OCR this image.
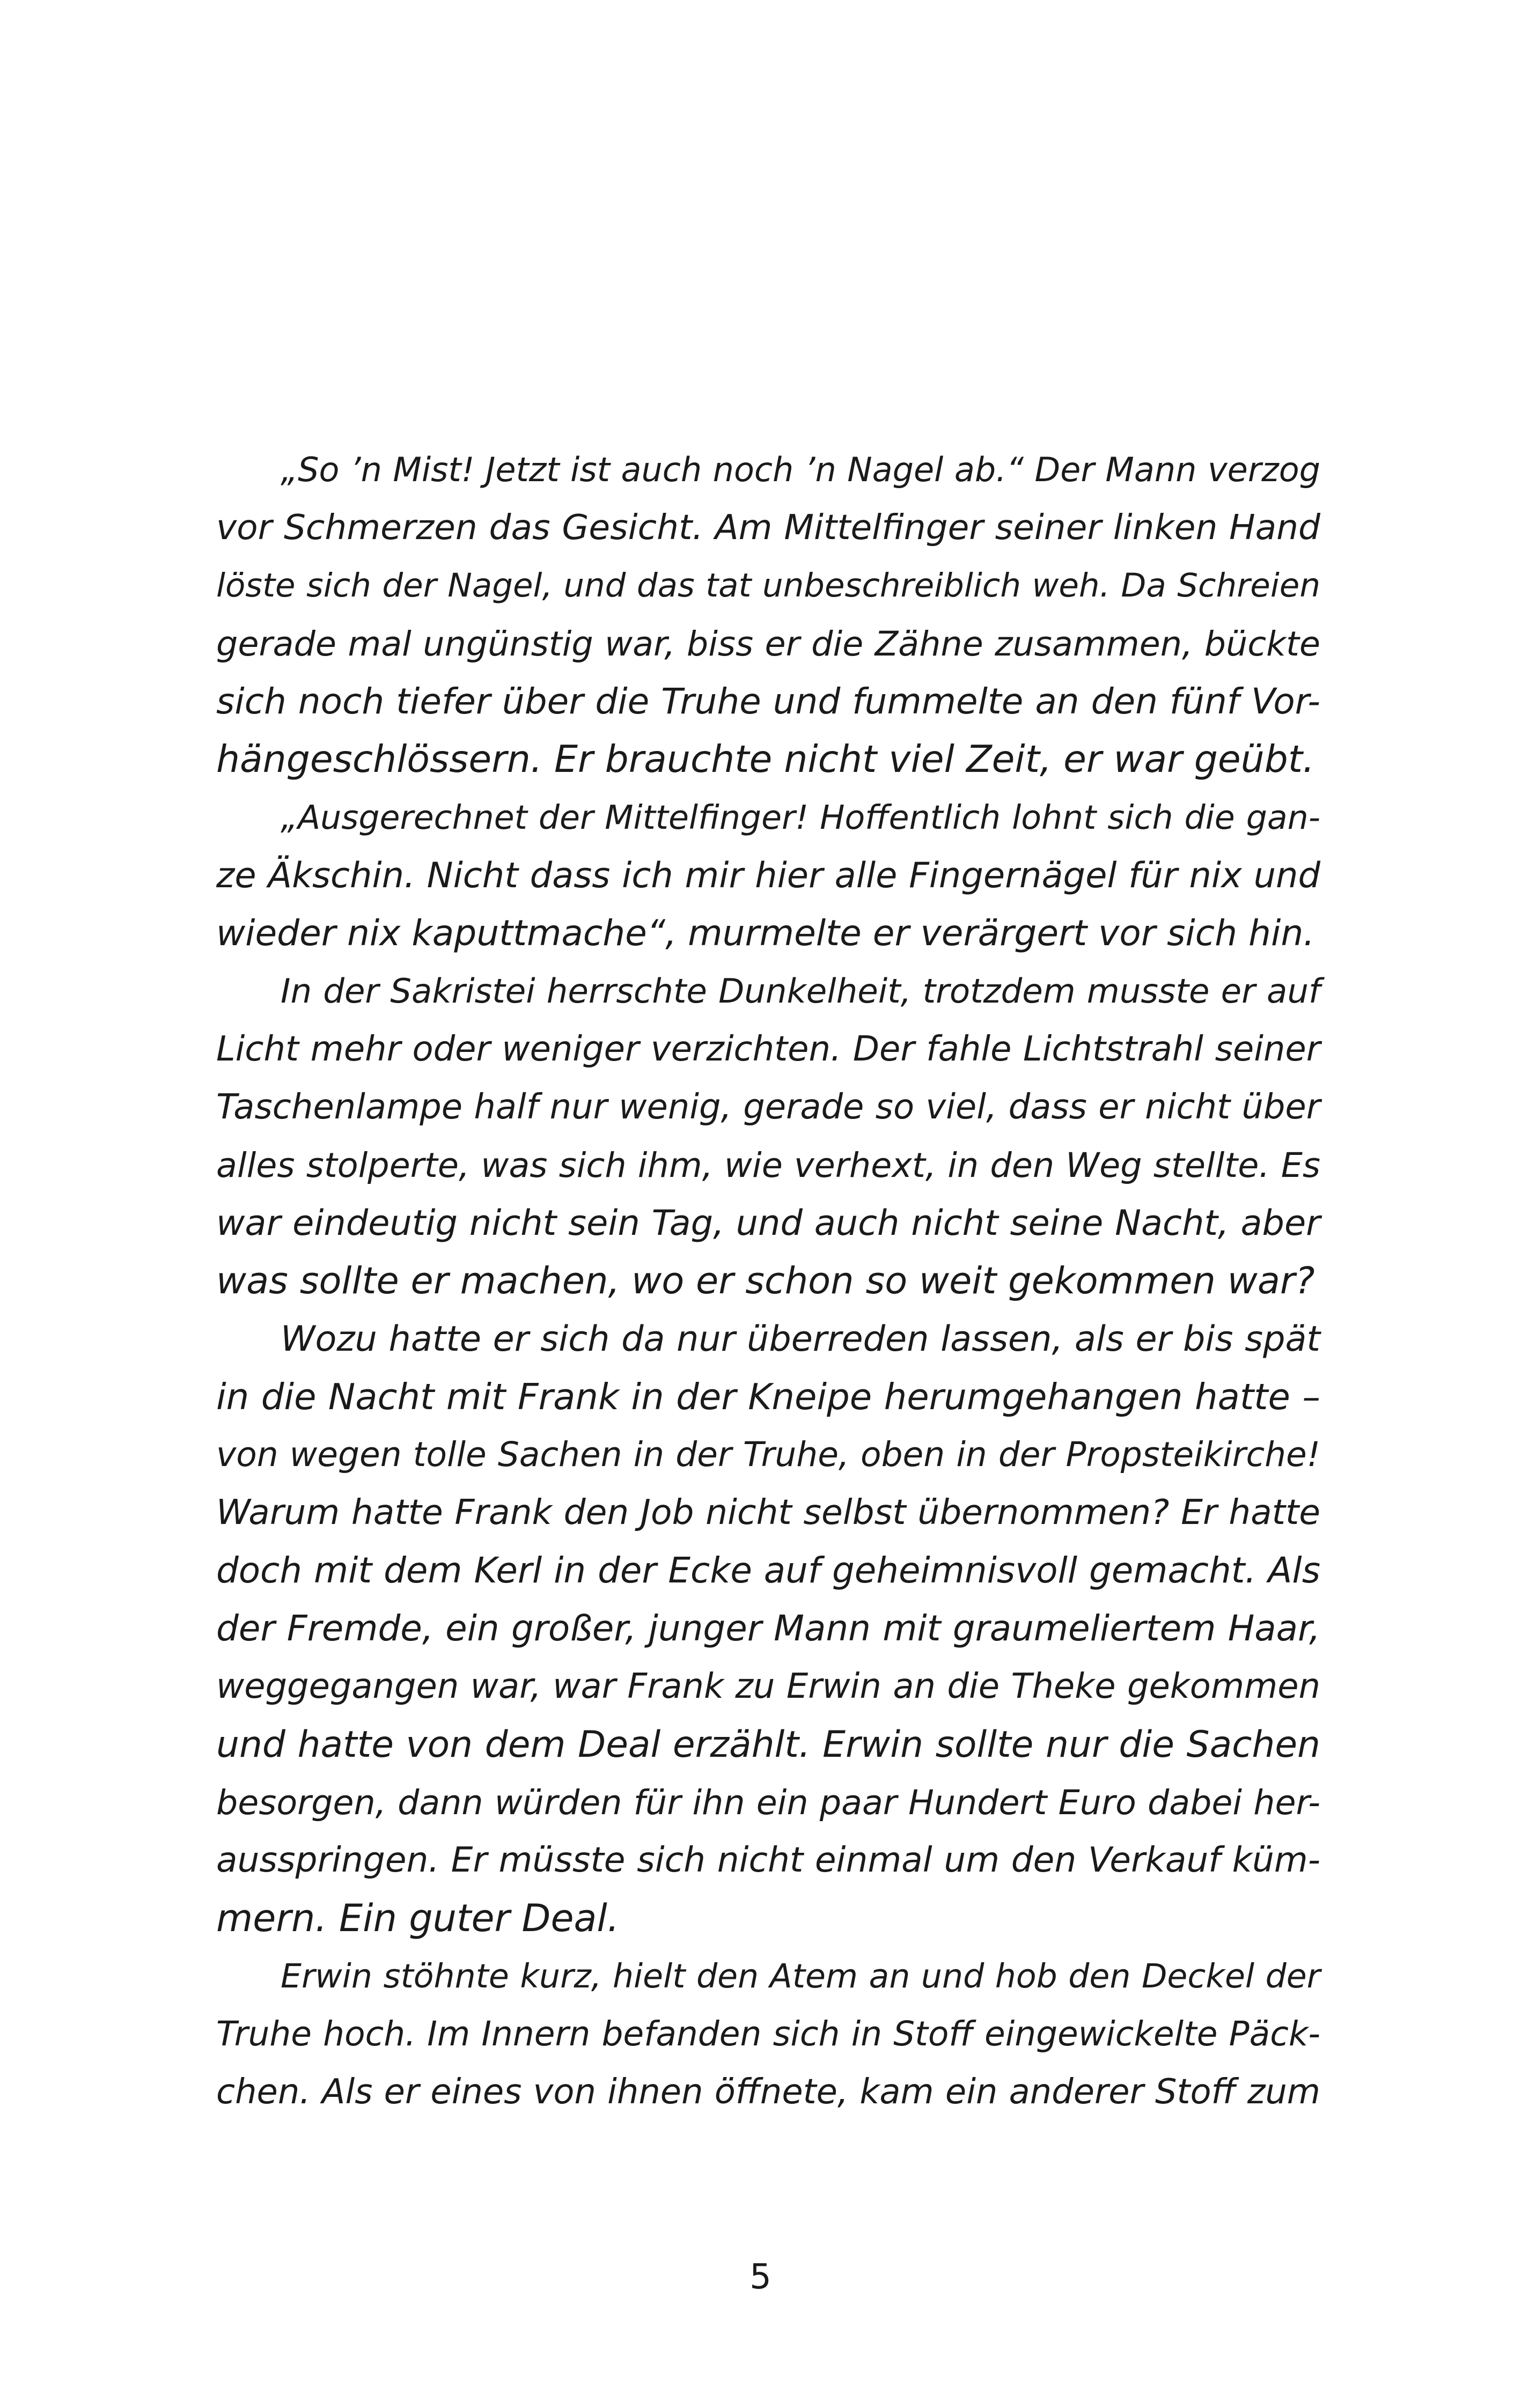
„So ’n Mist! Jetzt ist auch noch ’n Nagel ab.“ Der Mann verzog
vor Schmerzen das Gesicht. Am Mittelfinger seiner linken Hand
löste sich der Nagel, und das tat unbeschreiblich weh. Da Schreien
gerade mal ungünstig war, biss er die Zähne zusammen, bückte
sich noch tiefer über die Truhe und fummelte an den fünf Vor-
hängeschlössern. Er brauchte nicht viel Zeit, er war geübt.
„Ausgerechnet der Mittelfinger! Hoffentlich lohnt sich die gan-
ze Äkschin. Nicht dass ich mir hier alle Fingernägel für nix und
wieder nix kaputtmache“, murmelte er verärgert vor sich hin.
In der Sakristei herrschte Dunkelheit, trotzdem musste er auf
Licht mehr oder weniger verzichten. Der fahle Lichtstrahl seiner
Taschenlampe half nur wenig, gerade so viel, dass er nicht über
alles stolperte, was sich ihm, wie verhext, in den Weg stellte. Es
war eindeutig nicht sein Tag, und auch nicht seine Nacht, aber
was sollte er machen, wo er schon so weit gekommen war?
Wozu hatte er sich da nur überreden lassen, als er bis spät
in die Nacht mit Frank in der Kneipe herumgehangen hatte –
von wegen tolle Sachen in der Truhe, oben in der Propsteikirche!
Warum hatte Frank den Job nicht selbst übernommen? Er hatte
doch mit dem Kerl in der Ecke auf geheimnisvoll gemacht. Als
der Fremde, ein großer, junger Mann mit graumeliertem Haar,
weggegangen war, war Frank zu Erwin an die Theke gekommen
und hatte von dem Deal erzählt. Erwin sollte nur die Sachen
besorgen, dann würden für ihn ein paar Hundert Euro dabei her-
ausspringen. Er müsste sich nicht einmal um den Verkauf küm-
mern. Ein guter Deal.
Erwin stöhnte kurz, hielt den Atem an und hob den Deckel der
Truhe hoch. Im Innern befanden sich in Stoff eingewickelte Päck-
chen. Als er eines von ihnen öffnete, kam ein anderer Stoff zum
5
